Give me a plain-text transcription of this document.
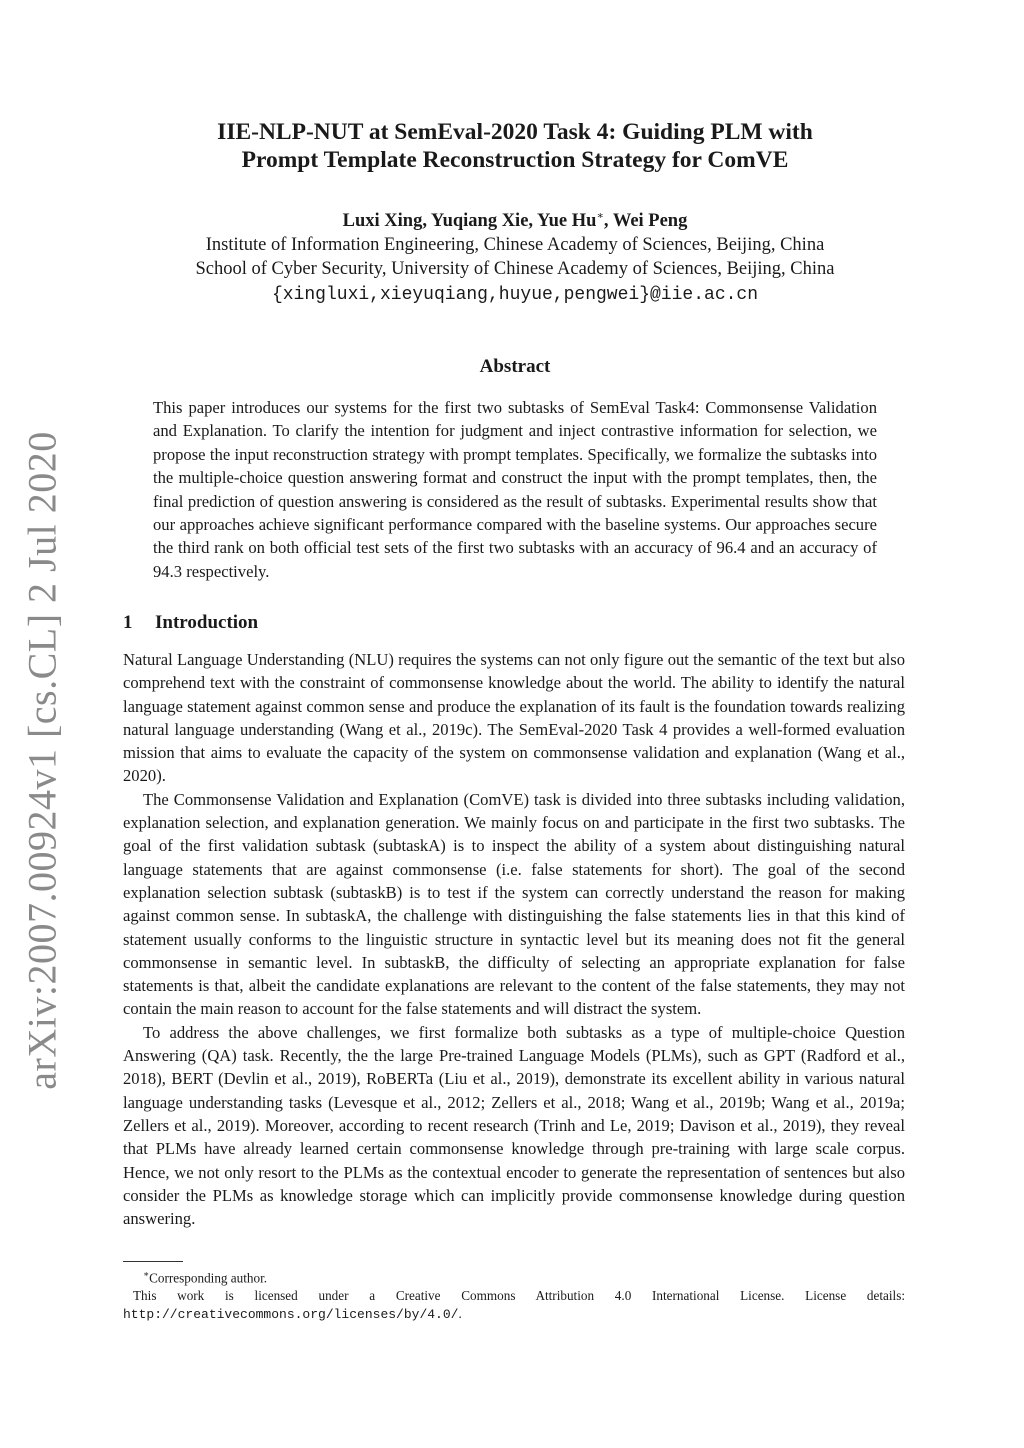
arXiv:2007.00924v1 [cs.CL] 2 Jul 2020
IIE-NLP-NUT at SemEval-2020 Task 4: Guiding PLM with
Prompt Template Reconstruction Strategy for ComVE
Luxi Xing, Yuqiang Xie, Yue Hu∗, Wei Peng
Institute of Information Engineering, Chinese Academy of Sciences, Beijing, China
School of Cyber Security, University of Chinese Academy of Sciences, Beijing, China
{xingluxi,xieyuqiang,huyue,pengwei}@iie.ac.cn
Abstract

This paper introduces our systems for the first two subtasks of SemEval Task4: Commonsense Validation and Explanation. To clarify the intention for judgment and inject contrastive information for selection, we propose the input reconstruction strategy with prompt templates. Specifically, we formalize the subtasks into the multiple-choice question answering format and construct the input with the prompt templates, then, the final prediction of question answering is considered as the result of subtasks. Experimental results show that our approaches achieve significant performance compared with the baseline systems. Our approaches secure the third rank on both official test sets of the first two subtasks with an accuracy of 96.4 and an accuracy of 94.3 respectively.

1 Introduction

Natural Language Understanding (NLU) requires the systems can not only figure out the semantic of the text but also comprehend text with the constraint of commonsense knowledge about the world. The ability to identify the natural language statement against common sense and produce the explanation of its fault is the foundation towards realizing natural language understanding (Wang et al., 2019c). The SemEval-2020 Task 4 provides a well-formed evaluation mission that aims to evaluate the capacity of the system on commonsense validation and explanation (Wang et al., 2020).

The Commonsense Validation and Explanation (ComVE) task is divided into three subtasks including validation, explanation selection, and explanation generation. We mainly focus on and participate in the first two subtasks. The goal of the first validation subtask (subtaskA) is to inspect the ability of a system about distinguishing natural language statements that are against commonsense (i.e. false statements for short). The goal of the second explanation selection subtask (subtaskB) is to test if the system can correctly understand the reason for making against common sense. In subtaskA, the challenge with distinguishing the false statements lies in that this kind of statement usually conforms to the linguistic structure in syntactic level but its meaning does not fit the general commonsense in semantic level. In subtaskB, the difficulty of selecting an appropriate explanation for false statements is that, albeit the candidate explanations are relevant to the content of the false statements, they may not contain the main reason to account for the false statements and will distract the system.

To address the above challenges, we first formalize both subtasks as a type of multiple-choice Question Answering (QA) task. Recently, the the large Pre-trained Language Models (PLMs), such as GPT (Radford et al., 2018), BERT (Devlin et al., 2019), RoBERTa (Liu et al., 2019), demonstrate its excellent ability in various natural language understanding tasks (Levesque et al., 2012; Zellers et al., 2018; Wang et al., 2019b; Wang et al., 2019a; Zellers et al., 2019). Moreover, according to recent research (Trinh and Le, 2019; Davison et al., 2019), they reveal that PLMs have already learned certain commonsense knowledge through pre-training with large scale corpus. Hence, we not only resort to the PLMs as the contextual encoder to generate the representation of sentences but also consider the PLMs as knowledge storage which can implicitly provide commonsense knowledge during question answering.

∗Corresponding author.

This work is licensed under a Creative Commons Attribution 4.0 International License. License details: http://creativecommons.org/licenses/by/4.0/.
